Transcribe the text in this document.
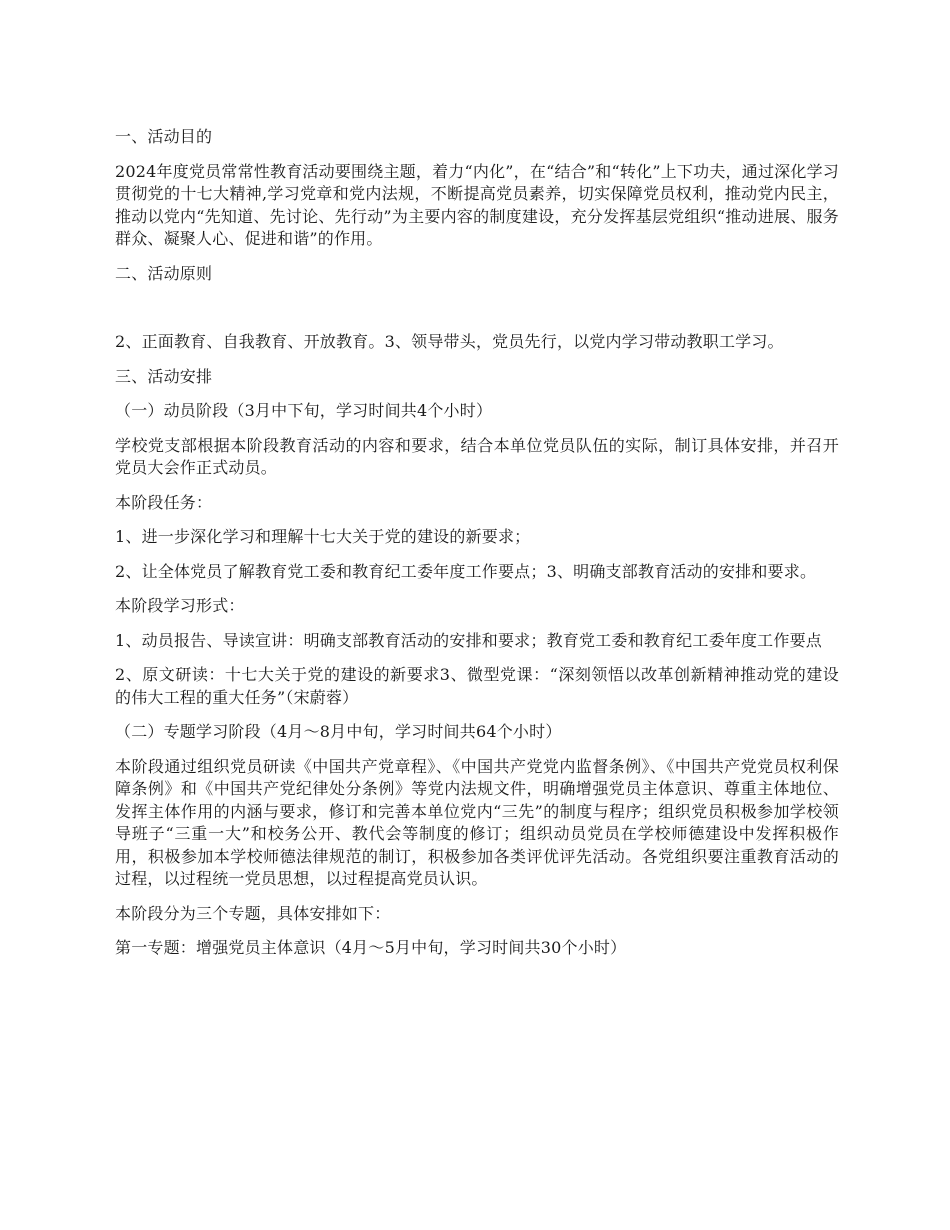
一、活动目的

2024年度党员常常性教育活动要围绕主题，着力“内化”，在“结合”和“转化”上下功夫，通过深化学习贯彻党的十七大精神,学习党章和党内法规，不断提高党员素养，切实保障党员权利，推动党内民主，推动以党内“先知道、先讨论、先行动”为主要内容的制度建设，充分发挥基层党组织“推动进展、服务群众、凝聚人心、促进和谐”的作用。

二、活动原则

2、正面教育、自我教育、开放教育。3、领导带头，党员先行，以党内学习带动教职工学习。

三、活动安排

（一）动员阶段（3月中下旬，学习时间共4个小时）

学校党支部根据本阶段教育活动的内容和要求，结合本单位党员队伍的实际，制订具体安排，并召开党员大会作正式动员。

本阶段任务：

1、进一步深化学习和理解十七大关于党的建设的新要求；

2、让全体党员了解教育党工委和教育纪工委年度工作要点；3、明确支部教育活动的安排和要求。

本阶段学习形式：

1、动员报告、导读宣讲：明确支部教育活动的安排和要求；教育党工委和教育纪工委年度工作要点

2、原文研读：十七大关于党的建设的新要求3、微型党课：“深刻领悟以改革创新精神推动党的建设的伟大工程的重大任务”（宋蔚蓉）

（二）专题学习阶段（4月～8月中旬，学习时间共64个小时）

本阶段通过组织党员研读《中国共产党章程》、《中国共产党党内监督条例》、《中国共产党党员权利保障条例》和《中国共产党纪律处分条例》等党内法规文件，明确增强党员主体意识、尊重主体地位、发挥主体作用的内涵与要求，修订和完善本单位党内“三先”的制度与程序；组织党员积极参加学校领导班子“三重一大”和校务公开、教代会等制度的修订；组织动员党员在学校师德建设中发挥积极作用，积极参加本学校师德法律规范的制订，积极参加各类评优评先活动。各党组织要注重教育活动的过程，以过程统一党员思想，以过程提高党员认识。

本阶段分为三个专题，具体安排如下：

第一专题：增强党员主体意识（4月～5月中旬，学习时间共30个小时）
